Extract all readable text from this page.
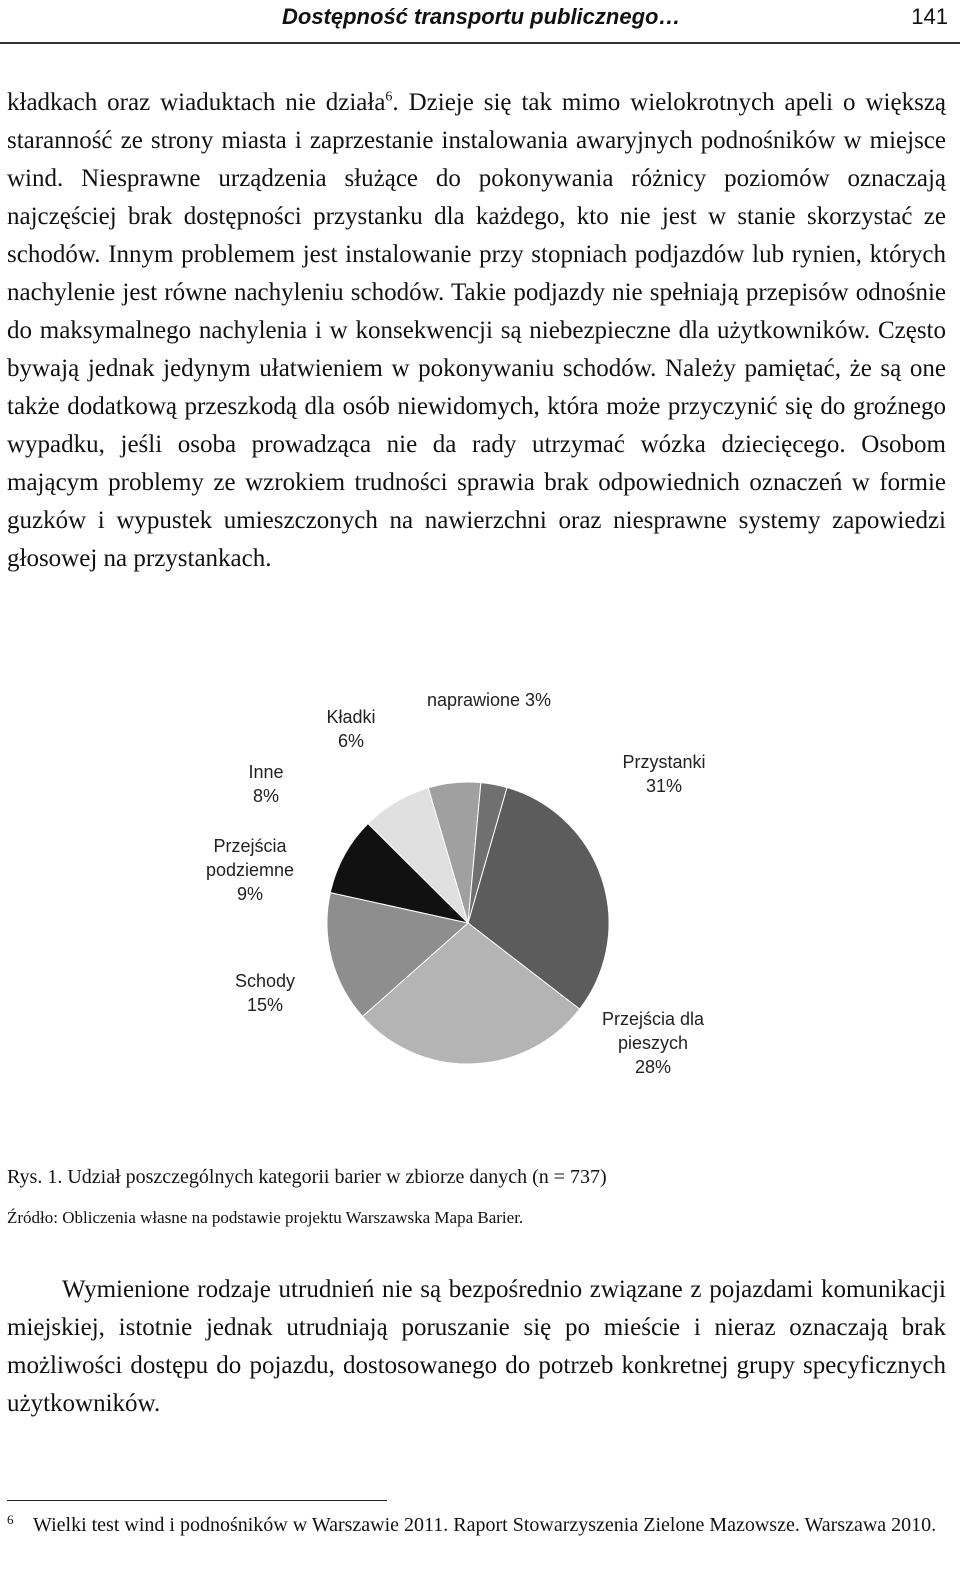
Dostępność transportu publicznego…	141

kładkach oraz wiaduktach nie działa$^6$. Dzieje się tak mimo wielokrotnych apeli o większą staranność ze strony miasta i zaprzestanie instalowania awaryjnych podnośników w miejsce wind. Niesprawne urządzenia służące do pokonywania różnicy poziomów oznaczają najczęściej brak dostępności przystanku dla każdego, kto nie jest w stanie skorzystać ze schodów. Innym problemem jest instalowanie przy stopniach podjazdów lub rynien, których nachylenie jest równe nachyleniu schodów. Takie podjazdy nie spełniają przepisów odnośnie do maksymalnego nachylenia i w konsekwencji są niebezpieczne dla użytkowników. Często bywają jednak jedynym ułatwieniem w pokonywaniu schodów. Należy pamiętać, że są one także dodatkową przeszkodą dla osób niewidomych, która może przyczynić się do groźnego wypadku, jeśli osoba prowadząca nie da rady utrzymać wózka dziecięcego. Osobom mającym problemy ze wzrokiem trudności sprawia brak odpowiednich oznaczeń w formie guzków i wypustek umieszczonych na nawierzchni oraz niesprawne systemy zapowiedzi głosowej na przystankach.

Przystanki 31%
Przejścia dla pieszych 28%
Schody 15%
Przejścia podziemne 9%
Inne 8%
Kładki 6%
naprawione 3%

Rys. 1. Udział poszczególnych kategorii barier w zbiorze danych (n = 737)

Źródło: Obliczenia własne na podstawie projektu Warszawska Mapa Barier.

Wymienione rodzaje utrudnień nie są bezpośrednio związane z pojazdami komunikacji miejskiej, istotnie jednak utrudniają poruszanie się po mieście i nieraz oznaczają brak możliwości dostępu do pojazdu, dostosowanego do potrzeb konkretnej grupy specyficznych użytkowników.

6 Wielki test wind i podnośników w Warszawie 2011. Raport Stowarzyszenia Zielone Mazowsze. Warszawa 2010.
